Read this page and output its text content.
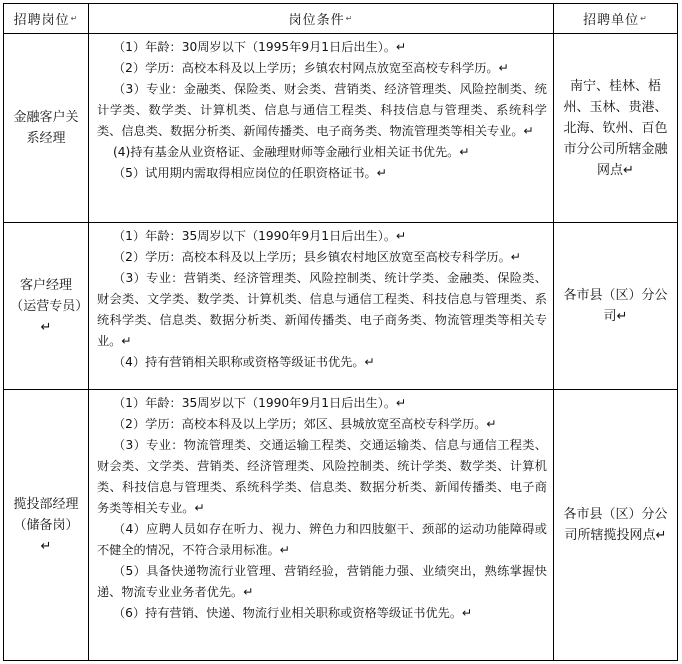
招聘岗位 ↵	岗位条件 ↵	招聘单位 ↵
金融客户关系经理

（1）年龄：30周岁以下（1995年9月1日后出生）。↵

（2）学历：高校本科及以上学历；乡镇农村网点放宽至高校专科学历。↵

（3）专业：金融类、保险类、财会类、营销类、经济管理类、风险控制类、统计学类、数学类、计算机类、信息与通信工程类、科技信息与管理类、系统科学类、信息类、数据分析类、新闻传播类、电子商务类、物流管理类等相关专业。↵

(4)持有基金从业资格证、金融理财师等金融行业相关证书优先。↵

（5）试用期内需取得相应岗位的任职资格证书。↵

南宁、桂林、梧州、玉林、贵港、北海、钦州、百色市分公司所辖金融网点↵
客户经理（运营专员）↵

（1）年龄：35周岁以下（1990年9月1日后出生）。↵

（2）学历：高校本科及以上学历；县乡镇农村地区放宽至高校专科学历。↵

（3）专业：营销类、经济管理类、风险控制类、统计学类、金融类、保险类、财会类、文学类、数学类、计算机类、信息与通信工程类、科技信息与管理类、系统科学类、信息类、数据分析类、新闻传播类、电子商务类、物流管理类等相关专业。↵

（4）持有营销相关职称或资格等级证书优先。↵

各市县（区）分公司↵
揽投部经理（储备岗）↵

（1）年龄：35周岁以下（1990年9月1日后出生）。↵

（2）学历：高校本科及以上学历；郊区、县城放宽至高校专科学历。↵

（3）专业：物流管理类、交通运输工程类、交通运输类、信息与通信工程类、财会类、文学类、营销类、经济管理类、风险控制类、统计学类、数学类、计算机类、科技信息与管理类、系统科学类、信息类、数据分析类、新闻传播类、电子商务类等相关专业。↵

（4）应聘人员如存在听力、视力、辨色力和四肢躯干、颈部的运动功能障碍或不健全的情况，不符合录用标准。↵

（5）具备快递物流行业管理、营销经验，营销能力强、业绩突出，熟练掌握快递、物流专业业务者优先。↵

（6）持有营销、快递、物流行业相关职称或资格等级证书优先。↵

各市县（区）分公司所辖揽投网点↵
